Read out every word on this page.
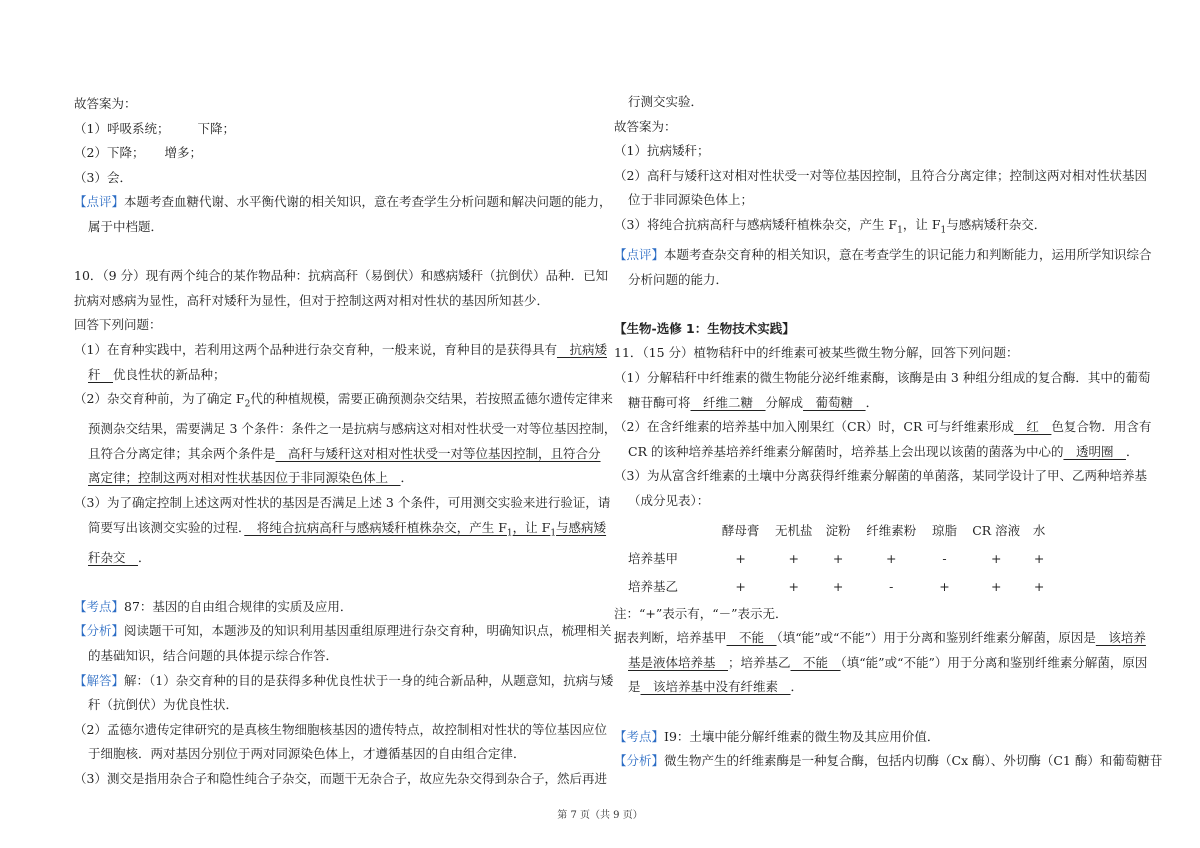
故答案为：
（1）呼吸系统； 下降；
（2）下降； 增多；
（3）会．
【点评】本题考查血糖代谢、水平衡代谢的相关知识，意在考查学生分析问题和解决问题的能力，
属于中档题．
10．（9 分）现有两个纯合的某作物品种：抗病高秆（易倒伏）和感病矮秆（抗倒伏）品种．已知
抗病对感病为显性，高秆对矮秆为显性，但对于控制这两对相对性状的基因所知甚少．
回答下列问题：
（1）在育种实践中，若利用这两个品种进行杂交育种，一般来说，育种目的是获得具有　抗病矮
秆　优良性状的新品种；
（2）杂交育种前，为了确定 $F_2$代的种植规模，需要正确预测杂交结果，若按照孟德尔遗传定律来
预测杂交结果，需要满足 3 个条件：条件之一是抗病与感病这对相对性状受一对等位基因控制，
且符合分离定律；其余两个条件是　高秆与矮秆这对相对性状受一对等位基因控制，且符合分
离定律；控制这两对相对性状基因位于非同源染色体上　．
（3）为了确定控制上述这两对性状的基因是否满足上述 3 个条件，可用测交实验来进行验证，请
简要写出该测交实验的过程．　将纯合抗病高秆与感病矮秆植株杂交，产生 $F_1$，让 $F_1$与感病矮
秆杂交　．
【考点】87：基因的自由组合规律的实质及应用．
【分析】阅读题干可知，本题涉及的知识利用基因重组原理进行杂交育种，明确知识点，梳理相关
的基础知识，结合问题的具体提示综合作答．
【解答】解：（1）杂交育种的目的是获得多种优良性状于一身的纯合新品种，从题意知，抗病与矮
秆（抗倒伏）为优良性状．
（2）孟德尔遗传定律研究的是真核生物细胞核基因的遗传特点，故控制相对性状的等位基因应位
于细胞核．两对基因分别位于两对同源染色体上，才遵循基因的自由组合定律．
（3）测交是指用杂合子和隐性纯合子杂交，而题干无杂合子，故应先杂交得到杂合子，然后再进
行测交实验．
故答案为：
（1）抗病矮秆；
（2）高秆与矮秆这对相对性状受一对等位基因控制，且符合分离定律；控制这两对相对性状基因
位于非同源染色体上；
（3）将纯合抗病高秆与感病矮秆植株杂交，产生 $F_1$，让 $F_1$与感病矮秆杂交．
【点评】本题考查杂交育种的相关知识，意在考查学生的识记能力和判断能力，运用所学知识综合
分析问题的能力．
【生物-选修 1：生物技术实践】
11．（15 分）植物秸秆中的纤维素可被某些微生物分解，回答下列问题：
（1）分解秸秆中纤维素的微生物能分泌纤维素酶，该酶是由 3 种组分组成的复合酶．其中的葡萄
糖苷酶可将　纤维二糖　分解成　葡萄糖　．
（2）在含纤维素的培养基中加入刚果红（CR）时，CR 可与纤维素形成　红　色复合物．用含有
CR 的该种培养基培养纤维素分解菌时，培养基上会出现以该菌的菌落为中心的　透明圈　．
（3）为从富含纤维素的土壤中分离获得纤维素分解菌的单菌落，某同学设计了甲、乙两种培养基
（成分见表）：
	酵母膏	无机盐	淀粉	纤维素粉	琼脂	CR 溶液	水
培养基甲	+	+	+	+	-	+	+
培养基乙	+	+	+	-	+	+	+
注：“+”表示有，“－”表示无．
据表判断，培养基甲　不能　（填“能”或“不能”）用于分离和鉴别纤维素分解菌，原因是　该培养
基是液体培养基　；培养基乙　不能　（填“能”或“不能”）用于分离和鉴别纤维素分解菌，原因
是　该培养基中没有纤维素　．
【考点】I9：土壤中能分解纤维素的微生物及其应用价值．
【分析】微生物产生的纤维素酶是一种复合酶，包括内切酶（Cx 酶）、外切酶（C1 酶）和葡萄糖苷
第 7 页（共 9 页）
